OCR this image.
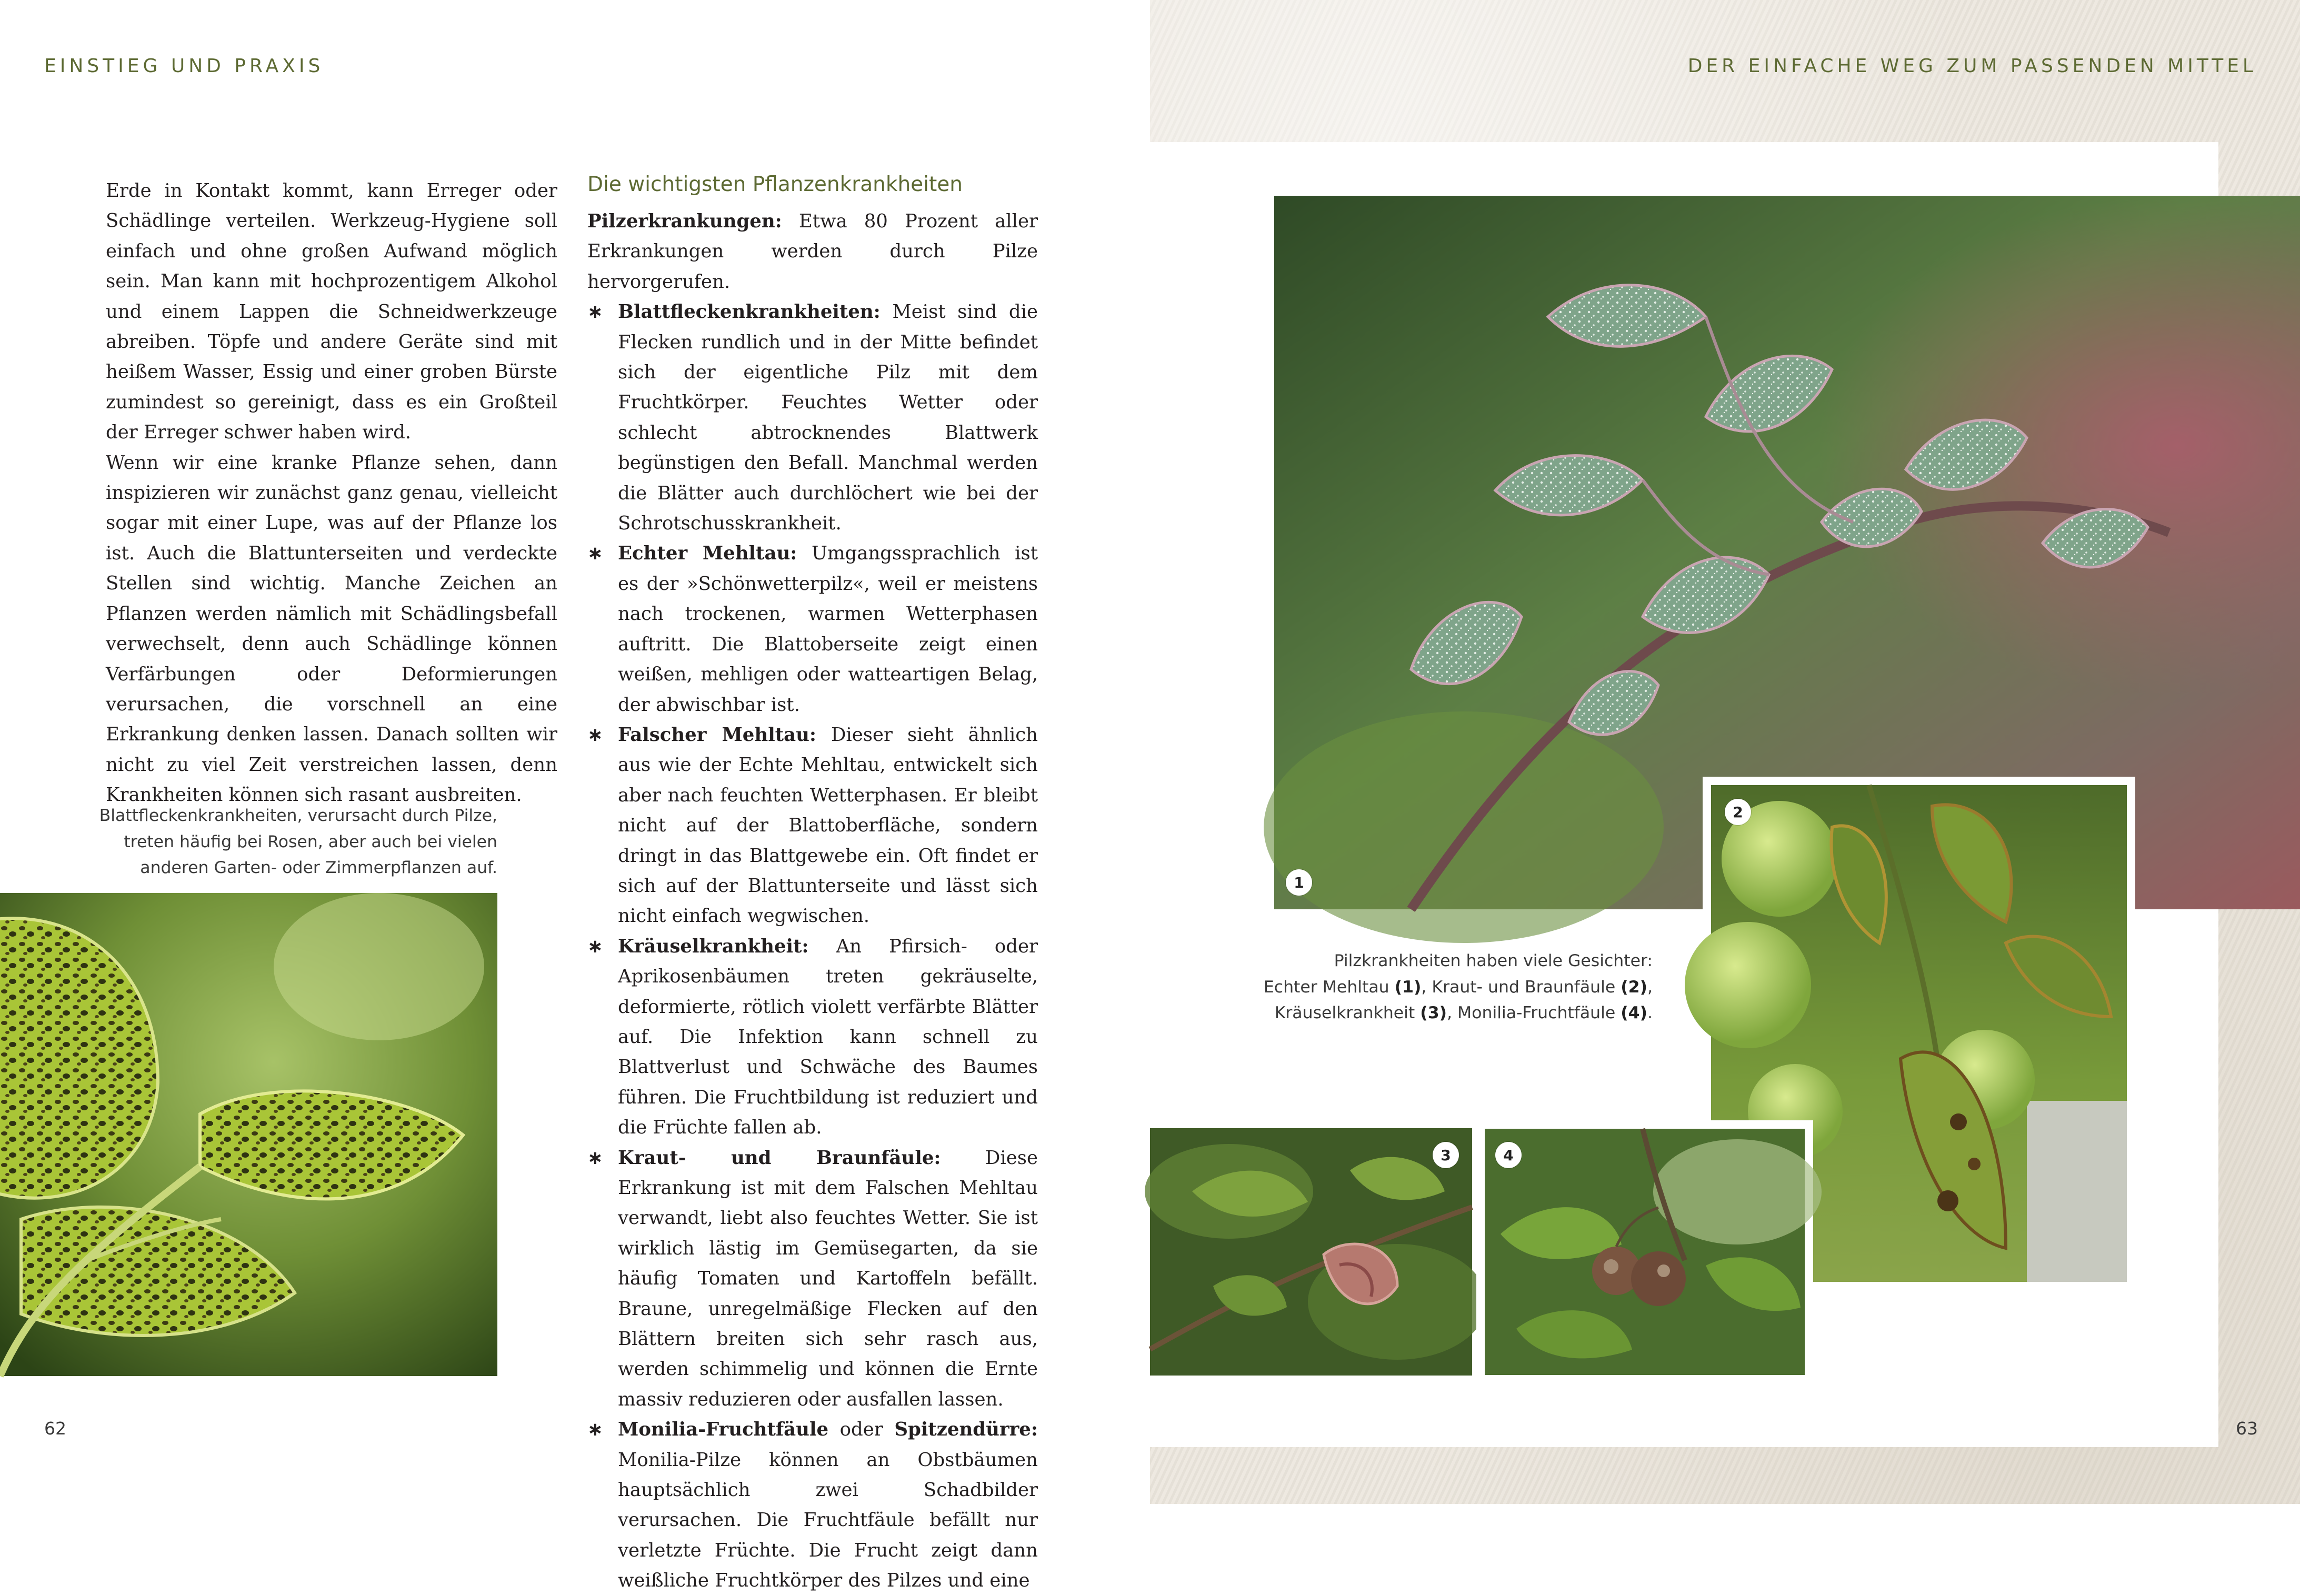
EINSTIEG UND PRAXIS

Erde in Kontakt kommt, kann Erreger oder Schädlinge verteilen. Werkzeug-Hygiene soll einfach und ohne großen Aufwand möglich sein. Man kann mit hochprozentigem Alkohol und einem Lappen die Schneidwerkzeuge abreiben. Töpfe und andere Geräte sind mit heißem Wasser, Essig und einer groben Bürste zumindest so gereinigt, dass es ein Großteil der Erreger schwer haben wird.

Wenn wir eine kranke Pflanze sehen, dann inspizieren wir zunächst ganz genau, vielleicht sogar mit einer Lupe, was auf der Pflanze los ist. Auch die Blattunterseiten und verdeckte Stellen sind wichtig. Manche Zeichen an Pflanzen werden nämlich mit Schädlingsbefall verwechselt, denn auch Schädlinge können Verfärbungen oder Deformierungen verursachen, die vorschnell an eine Erkrankung denken lassen. Danach sollten wir nicht zu viel Zeit verstreichen lassen, denn Krankheiten können sich rasant ausbreiten.

Blattfleckenkrankheiten, verursacht durch Pilze,
treten häufig bei Rosen, aber auch bei vielen
anderen Garten- oder Zimmerpflanzen auf.
Die wichtigsten Pflanzenkrankheiten

Pilzerkrankungen: Etwa 80 Prozent aller Erkrankungen werden durch Pilze hervorgerufen.

∗ Blattfleckenkrankheiten: Meist sind die Flecken rundlich und in der Mitte befindet sich der eigentliche Pilz mit dem Fruchtkörper. Feuchtes Wetter oder schlecht abtrocknendes Blattwerk begünstigen den Befall. Manchmal werden die Blätter auch durchlöchert wie bei der Schrotschusskrankheit.
∗ Echter Mehltau: Umgangssprachlich ist es der »Schönwetterpilz«, weil er meistens nach trockenen, warmen Wetterphasen auftritt. Die Blattoberseite zeigt einen weißen, mehligen oder watteartigen Belag, der abwischbar ist.
∗ Falscher Mehltau: Dieser sieht ähnlich aus wie der Echte Mehltau, entwickelt sich aber nach feuchten Wetterphasen. Er bleibt nicht auf der Blattoberfläche, sondern dringt in das Blattgewebe ein. Oft findet er sich auf der Blattunterseite und lässt sich nicht einfach wegwischen.
∗ Kräuselkrankheit: An Pfirsich- oder Aprikosenbäumen treten gekräuselte, deformierte, rötlich violett verfärbte Blätter auf. Die Infektion kann schnell zu Blattverlust und Schwäche des Baumes führen. Die Fruchtbildung ist reduziert und die Früchte fallen ab.
∗ Kraut- und Braunfäule: Diese Erkrankung ist mit dem Falschen Mehltau verwandt, liebt also feuchtes Wetter. Sie ist wirklich lästig im Gemüsegarten, da sie häufig Tomaten und Kartoffeln befällt. Braune, unregelmäßige Flecken auf den Blättern breiten sich sehr rasch aus, werden schimmelig und können die Ernte massiv reduzieren oder ausfallen lassen.
∗ Monilia-Fruchtfäule oder Spitzendürre: Monilia-Pilze können an Obstbäumen hauptsächlich zwei Schadbilder verursachen. Die Fruchtfäule befällt nur verletzte Früchte. Die Frucht zeigt dann weißliche Fruchtkörper des Pilzes und eine
62
DER EINFACHE WEG ZUM PASSENDEN MITTEL
1
2
Pilzkrankheiten haben viele Gesichter:
Echter Mehltau (1), Kraut- und Braunfäule (2),
Kräuselkrankheit (3), Monilia-Fruchtfäule (4).
3	4
63
